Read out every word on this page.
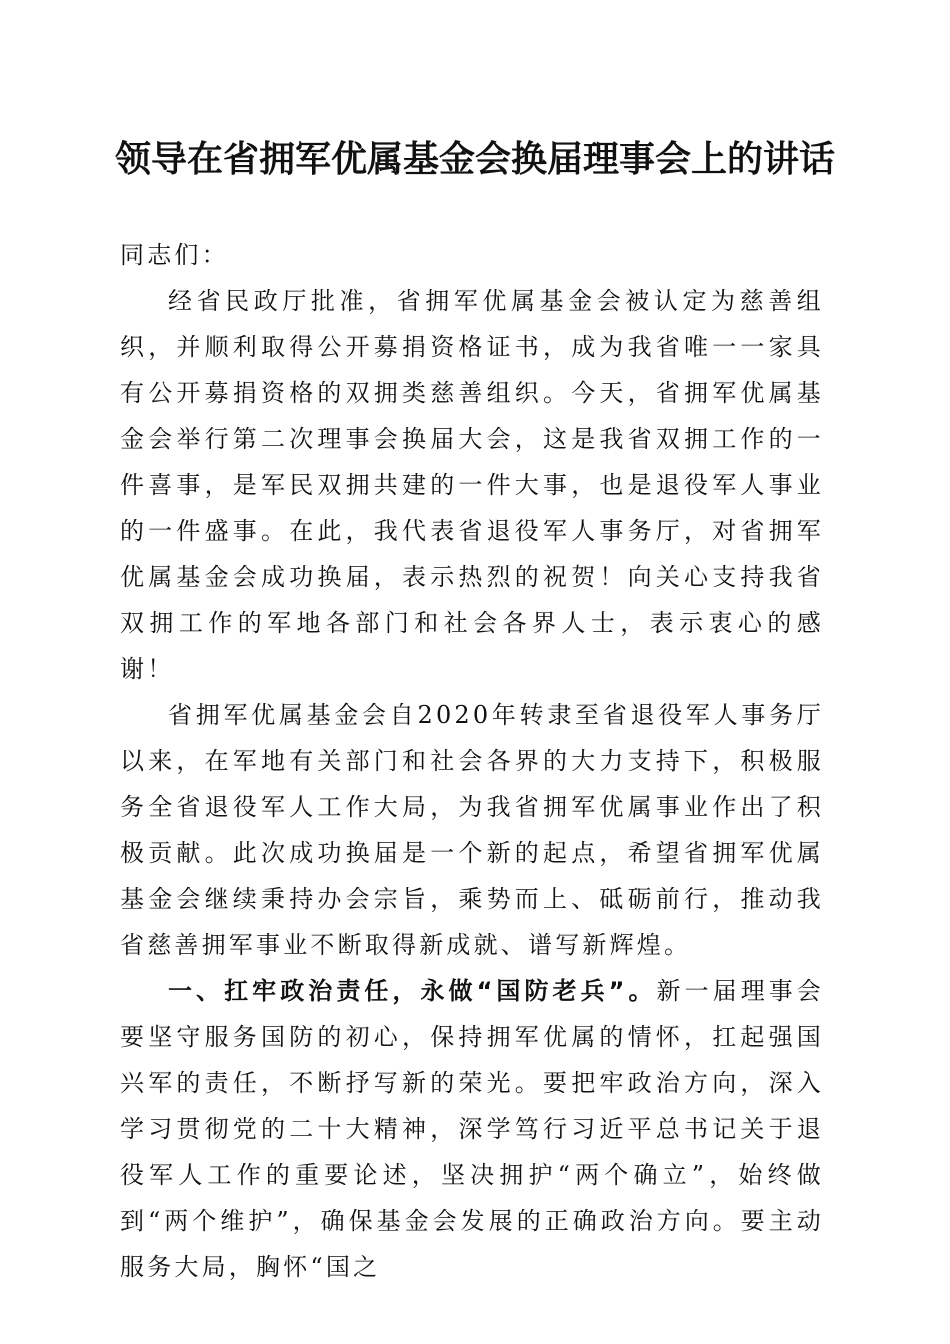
领导在省拥军优属基金会换届理事会上的讲话

同志们：

经省民政厅批准，省拥军优属基金会被认定为慈善组织，并顺利取得公开募捐资格证书，成为我省唯一一家具有公开募捐资格的双拥类慈善组织。今天，省拥军优属基金会举行第二次理事会换届大会，这是我省双拥工作的一件喜事，是军民双拥共建的一件大事，也是退役军人事业的一件盛事。在此，我代表省退役军人事务厅，对省拥军优属基金会成功换届，表示热烈的祝贺！向关心支持我省双拥工作的军地各部门和社会各界人士，表示衷心的感谢！

省拥军优属基金会自2020年转隶至省退役军人事务厅以来，在军地有关部门和社会各界的大力支持下，积极服务全省退役军人工作大局，为我省拥军优属事业作出了积极贡献。此次成功换届是一个新的起点，希望省拥军优属基金会继续秉持办会宗旨，乘势而上、砥砺前行，推动我省慈善拥军事业不断取得新成就、谱写新辉煌。

一、扛牢政治责任，永做“国防老兵”。新一届理事会要坚守服务国防的初心，保持拥军优属的情怀，扛起强国兴军的责任，不断抒写新的荣光。要把牢政治方向，深入学习贯彻党的二十大精神，深学笃行习近平总书记关于退役军人工作的重要论述，坚决拥护“两个确立”，始终做到“两个维护”，确保基金会发展的正确政治方向。要主动服务大局，胸怀“国之
